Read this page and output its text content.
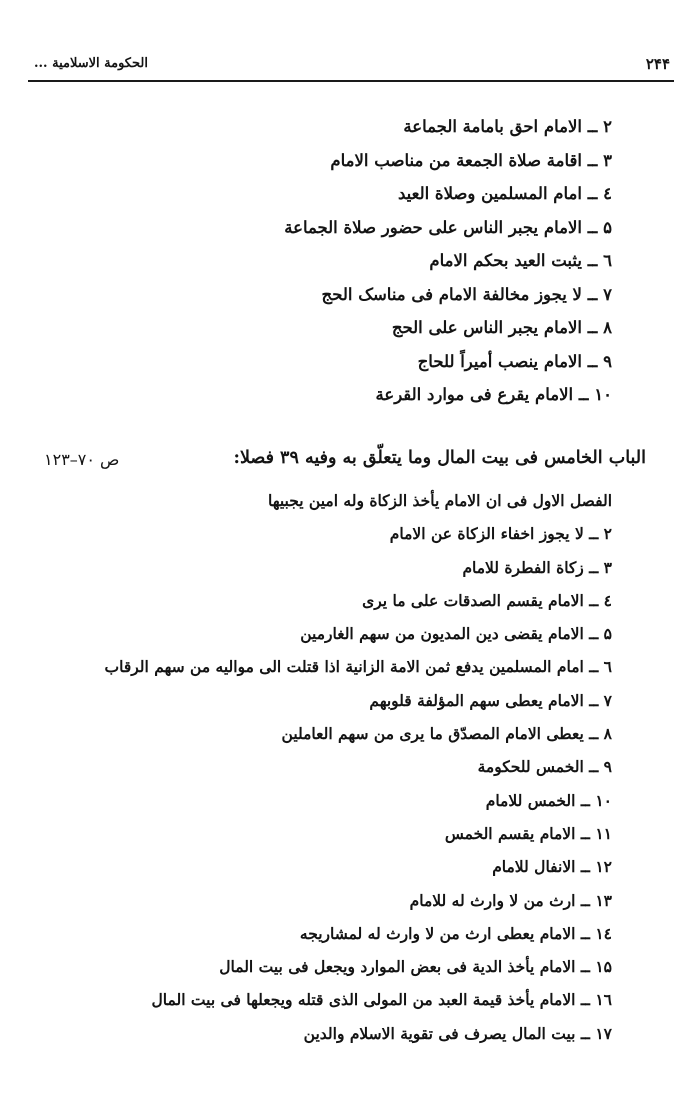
الحكومة الاسلامية ...	۲۴۴
۲ ــ الامام احق بامامة الجماعة
۳ ــ اقامة صلاة الجمعة من مناصب الامام
٤ ــ امام المسلمين وصلاة العيد
۵ ــ الامام يجبر الناس على حضور صلاة الجماعة
٦ ــ يثبت العيد بحكم الامام
۷ ــ لا يجوز مخالفة الامام فى مناسک الحج
۸ ــ الامام يجبر الناس على الحج
۹ ــ الامام ينصب أميراً للحاج
۱۰ ــ الامام يقرع فى موارد القرعة
الباب الخامس فى بيت المال وما يتعلّق به وفيه ۳۹ فصلا:
ص ۷۰–۱۲۳
الفصل الاول فى ان الامام يأخذ الزكاة وله امين يجبيها
۲ ــ لا يجوز اخفاء الزكاة عن الامام
۳ ــ زكاة الفطرة للامام
٤ ــ الامام يقسم الصدقات على ما يرى
۵ ــ الامام يقضى دين المديون من سهم الغارمين
٦ ــ امام المسلمين يدفع ثمن الامة الزانية اذا قتلت الى مواليه من سهم الرقاب
۷ ــ الامام يعطى سهم المؤلفة قلوبهم
۸ ــ يعطى الامام المصدّق ما يرى من سهم العاملين
۹ ــ الخمس للحكومة
۱۰ ــ الخمس للامام
۱۱ ــ الامام يقسم الخمس
۱۲ ــ الانفال للامام
۱۳ ــ ارث من لا وارث له للامام
۱٤ ــ الامام يعطى ارث من لا وارث له لمشاريجه
۱۵ ــ الامام يأخذ الدية فى بعض الموارد ويجعل فى بيت المال
۱٦ ــ الامام يأخذ قيمة العبد من المولى الذى قتله ويجعلها فى بيت المال
۱۷ ــ بيت المال يصرف فى تقوية الاسلام والدين
